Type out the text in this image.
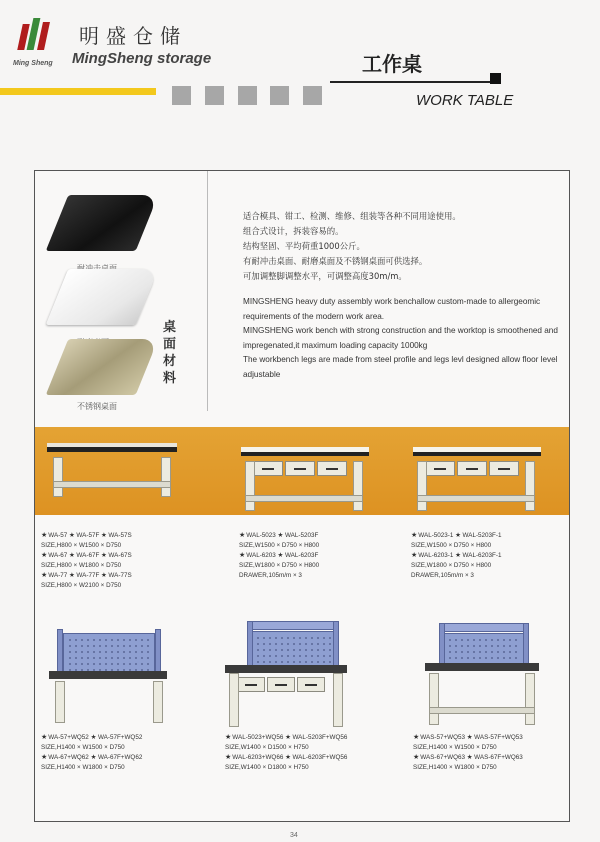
Ming Sheng
明盛仓储
MingSheng storage	工作桌
WORK TABLE
不锈钢桌面
桌
面
材
料
适合模具、钳工、检测、维修、组装等各种不同用途使用。
组合式设计，拆装容易的。
结构坚固、平均荷重1000公斤。
有耐冲击桌面、耐磨桌面及不锈钢桌面可供选择。
可加调整脚调整水平，可调整高度30m/m。
MINGSHENG heavy duty assembly work benchallow custom-made to allergeomic requirements of the modern work area.
MINGSHENG work bench with strong construction and the worktop is smoothened and impregenated,it maximum loading capacity 1000kg
The workbench legs are made from steel profile and legs levl designed allow floor level adjustable
★ WA-57 ★ WA-57F ★ WA-57S
SIZE,H800 × W1500 × D750
★ WA-67 ★ WA-67F ★ WA-67S
SIZE,H800 × W1800 × D750
★ WA-77 ★ WA-77F ★ WA-77S
SIZE,H800 × W2100 × D750
★ WAL-5023 ★ WAL-5203F
SIZE,W1500 × D750 × H800
★ WAL-6203 ★ WAL-6203F
SIZE,W1800 × D750 × H800
DRAWER,105m/m × 3
★ WAL-5023-1 ★ WAL-5203F-1
SIZE,W1500 × D750 × H800
★ WAL-6203-1 ★ WAL-6203F-1
SIZE,W1800 × D750 × H800
DRAWER,105m/m × 3
★ WA-57+WQ52 ★ WA-57F+WQ52
SIZE,H1400 × W1500 × D750
★ WA-67+WQ62 ★ WA-67F+WQ62
SIZE,H1400 × W1800 × D750
★ WAL-5023+WQ56 ★ WAL-5203F+WQ56
SIZE,W1400 × D1500 × H750
★ WAL-6203+WQ66 ★ WAL-6203F+WQ56
SIZE,W1400 × D1800 × H750
★ WAS-57+WQ53 ★ WAS-57F+WQ53
SIZE,H1400 × W1500 × D750
★ WAS-67+WQ63 ★ WAS-67F+WQ63
SIZE,H1400 × W1800 × D750
34
